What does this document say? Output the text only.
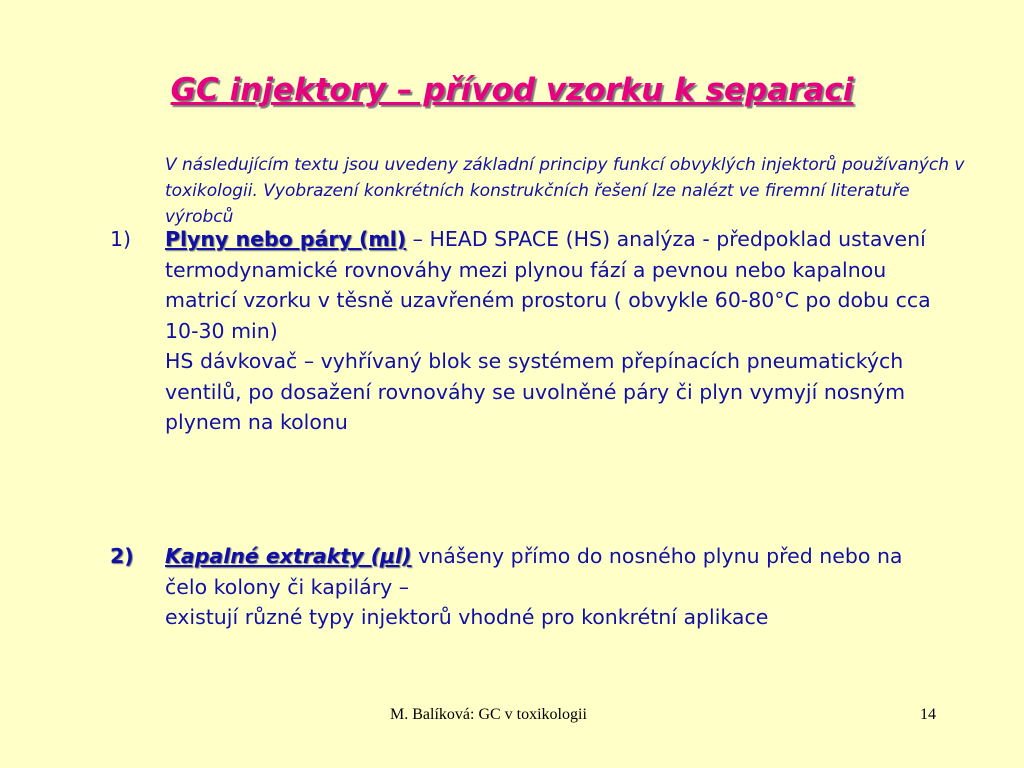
GC injektory – přívod vzorku k separaci
V následujícím textu jsou uvedeny základní principy funkcí obvyklých injektorů používaných v toxikologii. Vyobrazení konkrétních konstrukčních řešení lze nalézt ve firemní literatuře výrobců
1) Plyny nebo páry (ml) – HEAD SPACE (HS) analýza - předpoklad ustavení termodynamické rovnováhy mezi plynou fází a pevnou nebo kapalnou matricí vzorku v těsně uzavřeném prostoru ( obvykle 60-80°C po dobu cca 10-30 min)
HS dávkovač – vyhřívaný blok se systémem přepínacích pneumatických ventilů, po dosažení rovnováhy se uvolněné páry či plyn vymyjí nosným plynem na kolonu
2) Kapalné extrakty (µl) vnášeny přímo do nosného plynu před nebo na čelo kolony či kapiláry –
existují různé typy injektorů vhodné pro konkrétní aplikace
M. Balíková: GC v toxikologii	14
